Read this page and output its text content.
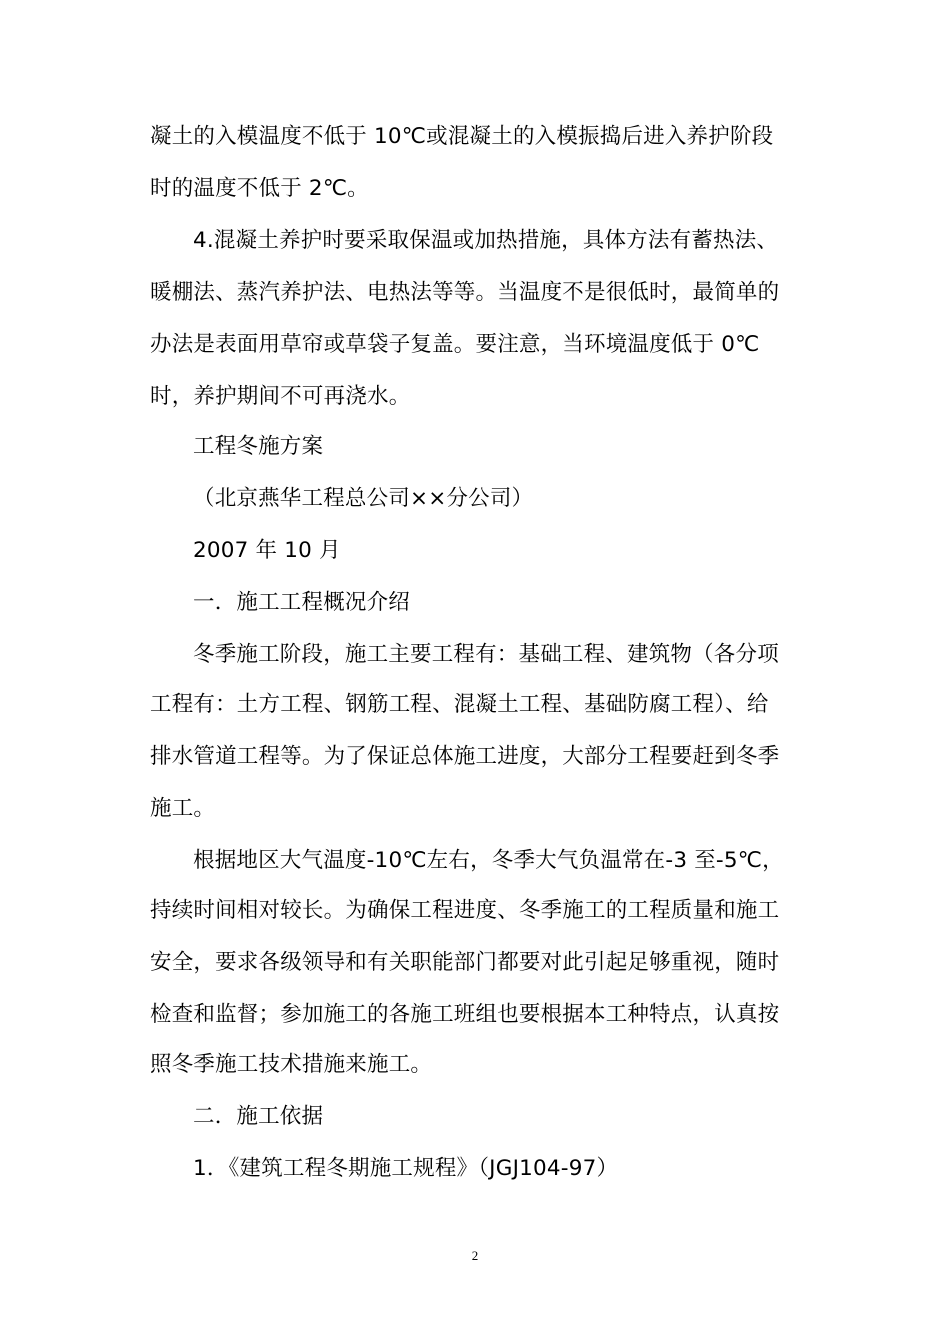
凝土的入模温度不低于 10℃或混凝土的入模振捣后进入养护阶段
时的温度不低于 2℃。
4.混凝土养护时要采取保温或加热措施，具体方法有蓄热法、
暖棚法、蒸汽养护法、电热法等等。当温度不是很低时，最简单的
办法是表面用草帘或草袋子复盖。要注意，当环境温度低于 0℃
时，养护期间不可再浇水。
工程冬施方案
（北京燕华工程总公司××分公司）
2007 年 10 月
一．施工工程概况介绍
冬季施工阶段，施工主要工程有：基础工程、建筑物（各分项
工程有：土方工程、钢筋工程、混凝土工程、基础防腐工程）、给
排水管道工程等。为了保证总体施工进度，大部分工程要赶到冬季
施工。
根据地区大气温度-10℃左右，冬季大气负温常在-3 至-5℃，
持续时间相对较长。为确保工程进度、冬季施工的工程质量和施工
安全，要求各级领导和有关职能部门都要对此引起足够重视，随时
检查和监督；参加施工的各施工班组也要根据本工种特点，认真按
照冬季施工技术措施来施工。
二．施工依据
1．《建筑工程冬期施工规程》（JGJ104-97）
2
